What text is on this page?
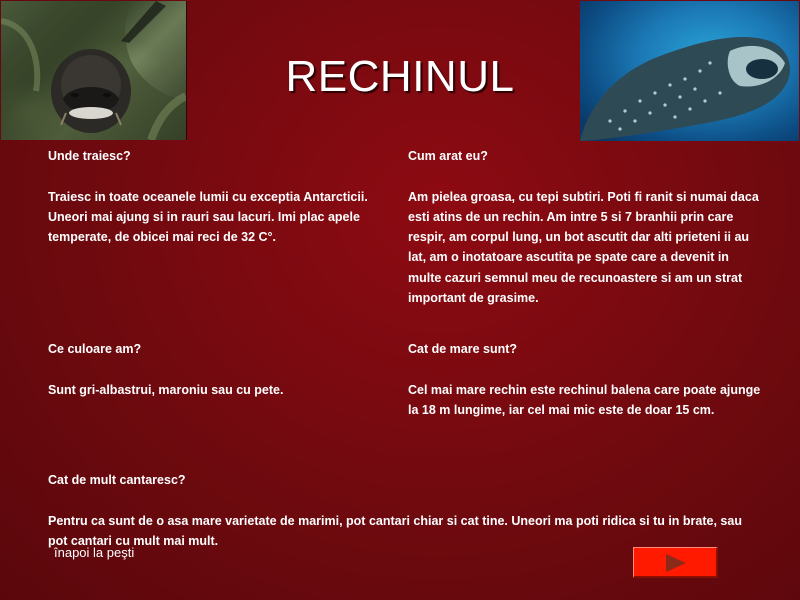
RECHINUL

Unde traiesc?

Traiesc in toate oceanele lumii cu exceptia Antarcticii. Uneori mai ajung si in rauri sau lacuri. Imi plac apele temperate, de obicei mai reci de 32 C°.

Cum arat eu?

Am pielea groasa, cu tepi subtiri. Poti fi ranit si numai daca esti atins de un rechin. Am intre 5 si 7 branhii prin care respir, am corpul lung, un bot ascutit dar alti prieteni ii au lat, am o inotatoare ascutita pe spate care a devenit in multe cazuri semnul meu de recunoastere si am un strat important de grasime.

Ce culoare am?

Sunt gri-albastrui, maroniu sau cu pete.

Cat de mare sunt?

Cel mai mare rechin este rechinul balena care poate ajunge la 18 m lungime, iar cel mai mic este de doar 15 cm.

Cat de mult cantaresc?

Pentru ca sunt de o asa mare varietate de marimi, pot cantari chiar si cat tine. Uneori ma poti ridica si tu in brate, sau pot cantari cu mult mai mult.

înapoi la peşti
